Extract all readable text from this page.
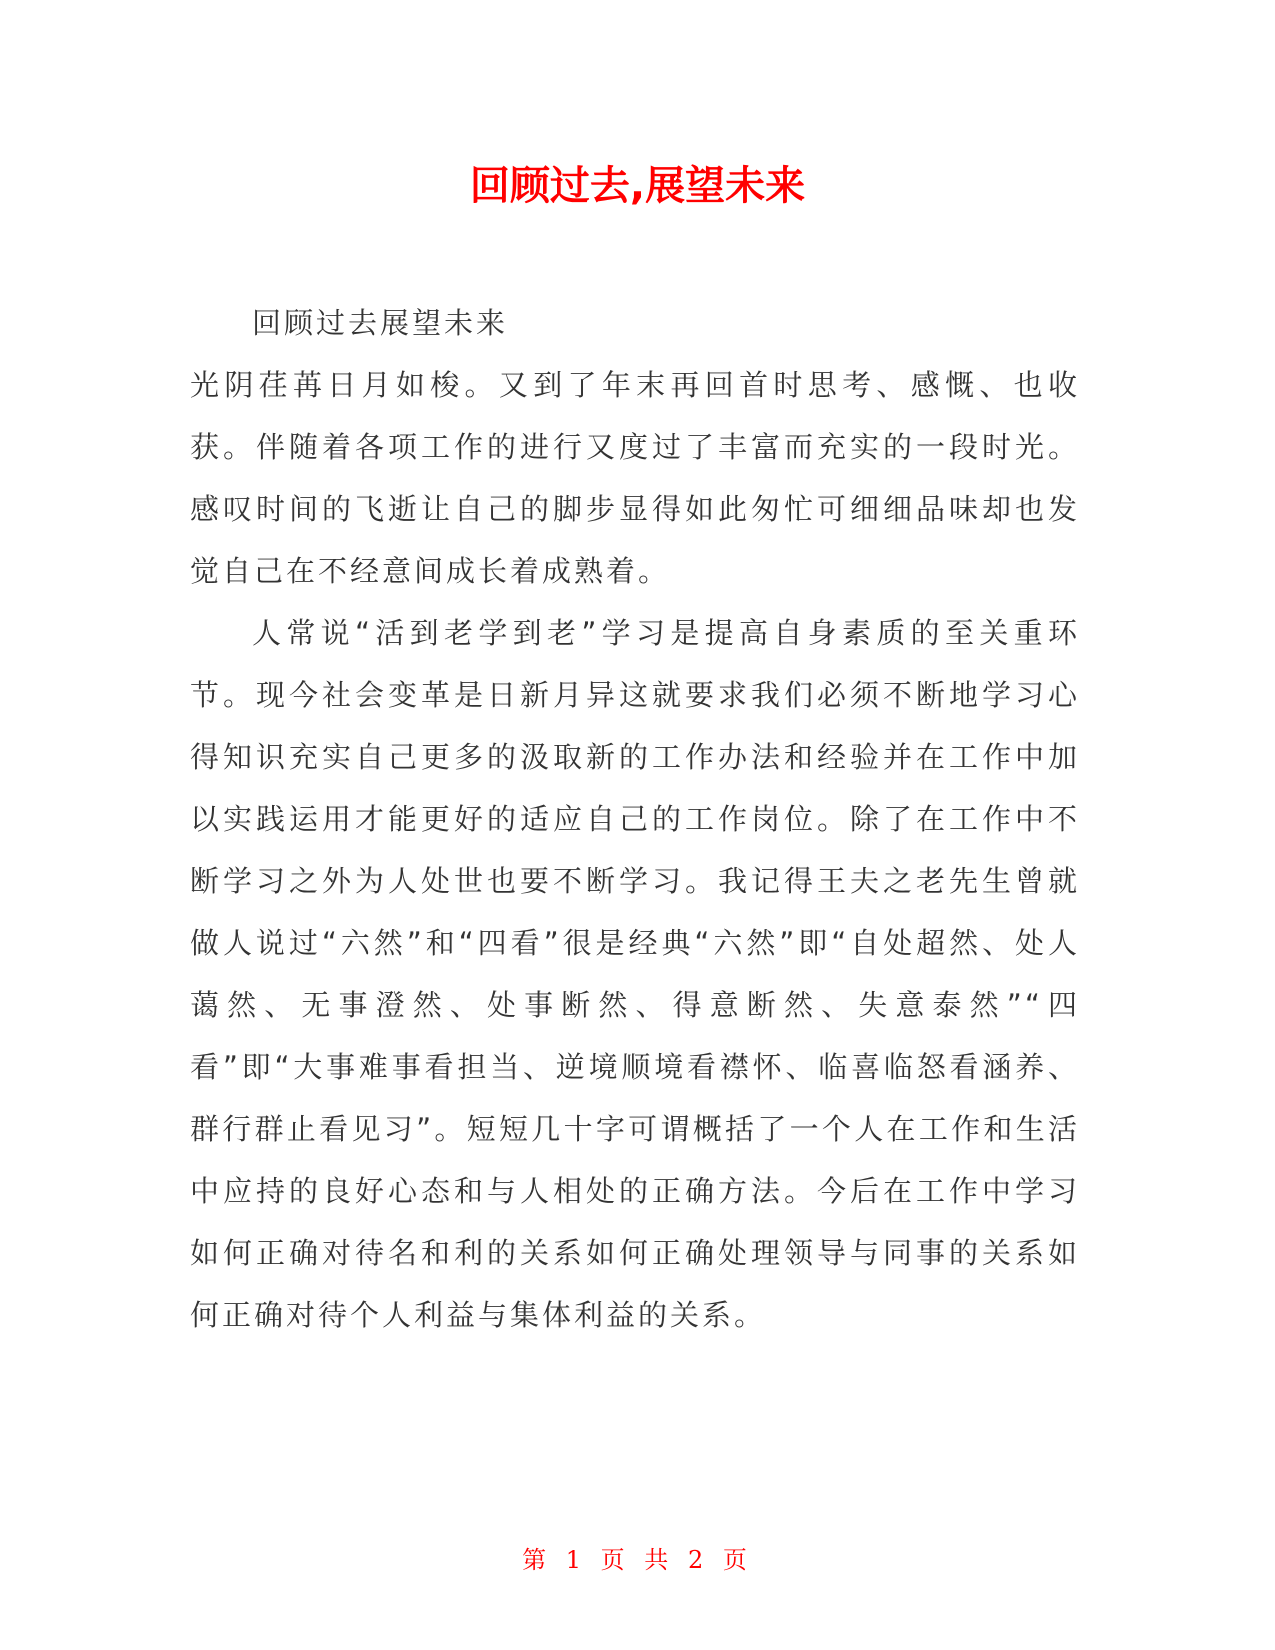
回顾过去,展望未来

回顾过去展望未来

光阴荏苒日月如梭。又到了年末再回首时思考、感慨、也收获。伴随着各项工作的进行又度过了丰富而充实的一段时光。感叹时间的飞逝让自己的脚步显得如此匆忙可细细品味却也发觉自己在不经意间成长着成熟着。

人常说“活到老学到老”学习是提高自身素质的至关重环节。现今社会变革是日新月异这就要求我们必须不断地学习心得知识充实自己更多的汲取新的工作办法和经验并在工作中加以实践运用才能更好的适应自己的工作岗位。除了在工作中不断学习之外为人处世也要不断学习。我记得王夫之老先生曾就做人说过“六然”和“四看”很是经典“六然”即“自处超然、处人蔼然、无事澄然、处事断然、得意断然、失意泰然”“四看”即“大事难事看担当、逆境顺境看襟怀、临喜临怒看涵养、群行群止看见习”。短短几十字可谓概括了一个人在工作和生活中应持的良好心态和与人相处的正确方法。今后在工作中学习如何正确对待名和利的关系如何正确处理领导与同事的关系如何正确对待个人利益与集体利益的关系。

第 1 页 共 2 页
